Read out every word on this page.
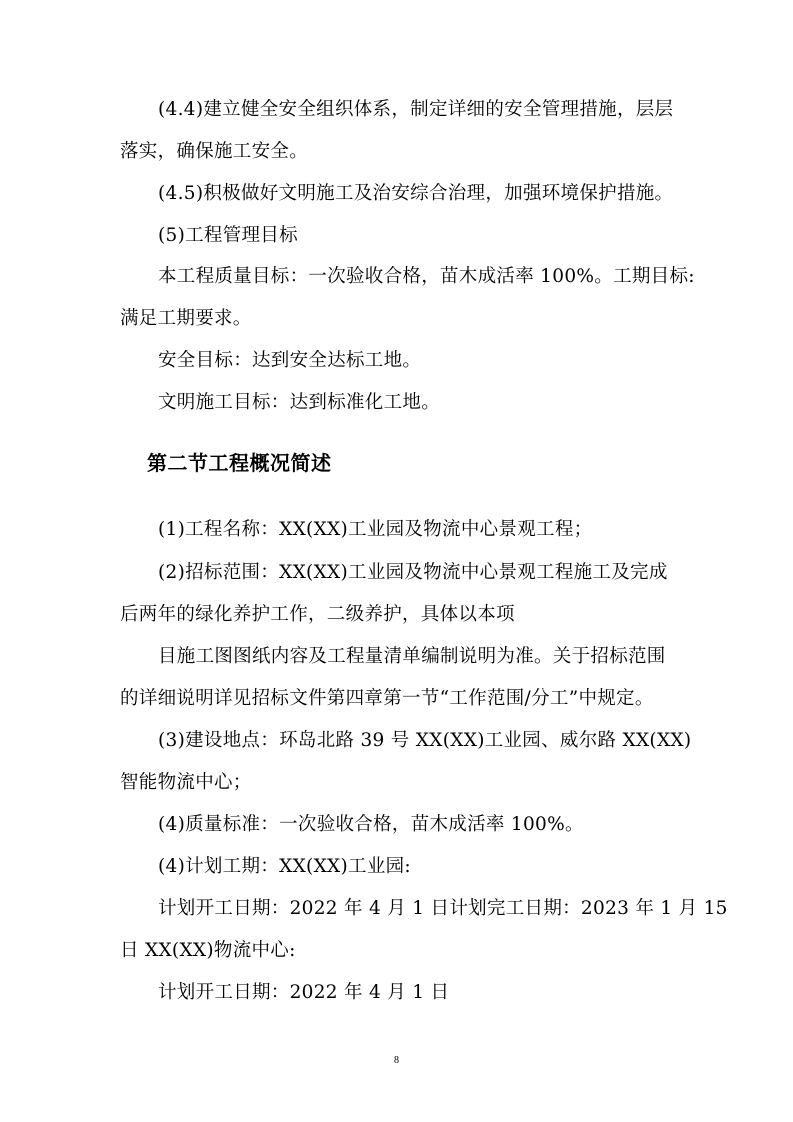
(4.4)建立健全安全组织体系，制定详细的安全管理措施，层层
落实，确保施工安全。
(4.5)积极做好文明施工及治安综合治理，加强环境保护措施。
(5)工程管理目标
本工程质量目标：一次验收合格，苗木成活率 100%。工期目标:
满足工期要求。
安全目标：达到安全达标工地。
文明施工目标：达到标准化工地。
第二节工程概况简述
(1)工程名称：XX(XX)工业园及物流中心景观工程；
(2)招标范围：XX(XX)工业园及物流中心景观工程施工及完成
后两年的绿化养护工作，二级养护，具体以本项
目施工图图纸内容及工程量清单编制说明为准。关于招标范围
的详细说明详见招标文件第四章第一节“工作范围/分工”中规定。
(3)建设地点：环岛北路 39 号 XX(XX)工业园、威尔路 XX(XX)
智能物流中心；
(4)质量标准：一次验收合格，苗木成活率 100%。
(4)计划工期：XX(XX)工业园:
计划开工日期：2022 年 4 月 1 日计划完工日期：2023 年 1 月 15
日 XX(XX)物流中心:
计划开工日期：2022 年 4 月 1 日
8
